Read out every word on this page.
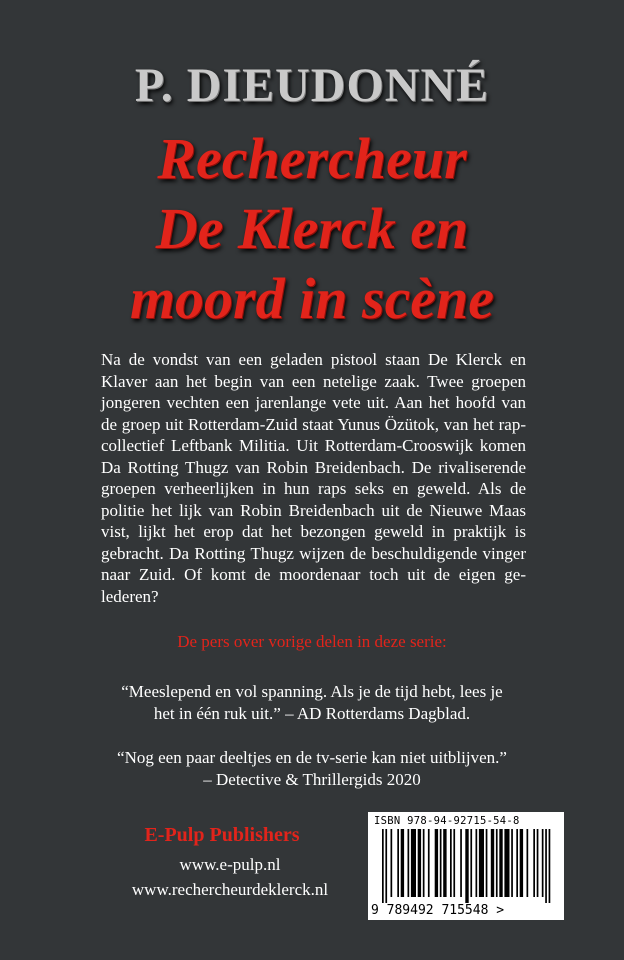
P. DIEUDONNÉ
Rechercheur
De Klerck en
moord in scène

Na de vondst van een geladen pistool staan De Klerck en Klaver aan het begin van een netelige zaak. Twee groepen jongeren vechten een jarenlange vete uit. Aan het hoofd van de groep uit Rotterdam-Zuid staat Yunus Özütok, van het rapcollectief Leftbank Militia. Uit Rotterdam-Crooswijk komen Da Rotting Thugz van Robin Breidenbach. De rivaliserende groepen verheerlijken in hun raps seks en geweld. Als de politie het lijk van Robin Breidenbach uit de Nieuwe Maas vist, lijkt het erop dat het bezongen geweld in praktijk is gebracht. Da Rotting Thugz wijzen de beschuldigende vinger naar Zuid. Of komt de moordenaar toch uit de eigen gelederen?

De pers over vorige delen in deze serie:
“Meeslepend en vol spanning. Als je de tijd hebt, lees je
het in één ruk uit.” – AD Rotterdams Dagblad.
“Nog een paar deeltjes en de tv-serie kan niet uitblijven.”
– Detective & Thrillergids 2020
E-Pulp Publishers
www.e-pulp.nl
www.rechercheurdeklerck.nl
ISBN 978-94-92715-54-8
9 789492 715548 >
